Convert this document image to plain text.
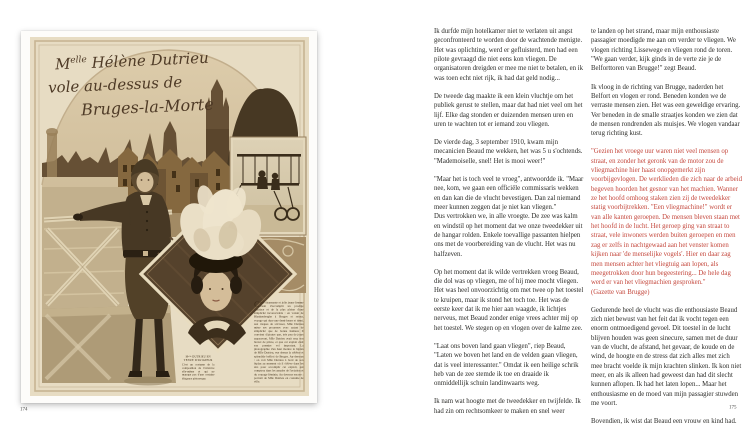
$M^{elle}$ Hélène Dutrieu
vole au-dessus de
Bruges-la-Morte
Cette charmante et jolie jeune femme vient d'accomplir un prodige d'audace et de la plus pleine d'une simplicité inconcevable : en volant de Blankenberghe à Bruges et retour, voyage qui dure une demi-heure et demi, aux risques de s'écraser, Mlle Dutrieu mène ses prouesses avec autant de simplicité que de bonne humeur. Il convient d'ajouter que, très peu de jours auparavant, Mlle Dutrieu avait reçu son brevet de pilote, et que cet exploit était son premier vol important. La photographie d'en haut montre le biplan de Mlle Dutrieu, vue dessus la célèbre et splendide beffroi de Bruges. Au-dessous : on voit Mlle Dutrieu à bord de son biplan au moment où il s'élève dans les airs pour accomplir cet exploit, qui comptera dans les annales de l'aviation et du courage féminin. Au dessous encore : portrait de Mlle Dutrieu en costume de ville.
Mᵉˡˡᵉ DUTRIEU EN
TENUE D'AVIATEUR
C'est un costume de la composition de l'aviatrice elle-même et qui ne manque pas d'une certaine élégance pittoresque.

Ik durfde mijn hotelkamer niet te verlaten uit angst geconfronteerd te worden door de wachtende menigte. Het was oplichting, werd er gefluisterd, men had een pilote gevraagd die niet eens kon vliegen. De organisatoren dreigden er mee me niet te betalen, en ik was toen echt niet rijk, ik had dat geld nodig...

De tweede dag maakte ik een klein vluchtje om het publiek gerust te stellen, maar dat had niet veel om het lijf. Elke dag stonden er duizenden mensen uren en uren te wachten tot er iemand zou vliegen.

De vierde dag, 3 september 1910, kwam mijn mecanicien Beaud me wekken, het was 5 u s'ochtends. "Mademoiselle, snel! Het is mooi weer!"

"Maar het is toch veel te vroeg", antwoordde ik. "Maar nee, kom, we gaan een officiële commissaris wekken en dan kan die de vlucht bevestigen. Dan zal niemand meer kunnen zeggen dat je niet kan vliegen."

Dus vertrokken we, in alle vroegte. De zee was kalm en windstil op het moment dat we onze tweedekker uit de hangar rolden. Enkele toevallige passanten hielpen ons met de voorbereiding van de vlucht. Het was nu halfzeven.

Op het moment dat ik wilde vertrekken vroeg Beaud, die dol was op vliegen, me of hij mee mocht vliegen. Het was heel onvoorzichtig om met twee op het toestel te kruipen, maar ik stond het toch toe. Het was de eerste keer dat ik me hier aan waagde, ik lichtjes nerveus, met Beaud zonder enige vrees achter mij op het toestel. We stegen op en vlogen over de kalme zee.

"Laat ons boven land gaan vliegen", riep Beaud, "Laten we boven het land en de velden gaan vliegen, dat is veel interessanter." Omdat ik een heilige schrik heb van de zee stemde ik toe en draaide ik onmiddellijk schuin landinwaarts weg.

Ik nam wat hoogte met de tweedekker en twijfelde. Ik had zin om rechtsomkeer te maken en snel weer

te landen op het strand, maar mijn enthousiaste passagier moedigde me aan om verder te vliegen. We vlogen richting Lissewege en vliegen rond de toren. "We gaan verder, kijk ginds in de verte zie je de Belforttoren van Brugge!" zegt Beaud.

Ik vloog in de richting van Brugge, naderden het Belfort en vlogen er rond. Beneden konden we de verraste mensen zien. Het was een geweldige ervaring. Ver beneden in de smalle straatjes konden we zien dat de mensen rondrenden als muisjes. We vlogen vandaar terug richting kust.

"Gezien het vroege uur waren niet veel mensen op straat, en zonder het geronk van de motor zou de vliegmachine hier haast onopgemerkt zijn voorbijgevlogen. De werklieden die zich naar de arbeid begeven hoorden het gesnor van het machien. Wanner ze het hoofd omhoog staken zien zij de tweedekker statig voorbijtrekken. "Een vliegmachine!" wordt er van alle kanten geroepen. De mensen bleven staan met het hoofd in de lucht. Het geroep ging van straat to straat, vele inwoners werden buiten geroepen en men zag er zelfs in nachtgewaad aan het venster komen kijken naar 'de menselijke vogels'. Hier en daar zag men mensen achter het vliegtuig aan lopen, als meegetrokken door hun begeestering... De hele dag werd er van het vliegmachien gesproken."

(Gazette van Brugge)

Gedurende heel de vlucht was die enthousiaste Beaud zich niet bewust van het feit dat ik vocht tegen een enorm ontmoedigend gevoel. Dit toestel in de lucht blijven houden was geen sinecure, samen met de duur van de vlucht, de afstand, het gevaar, de koude en de wind, de hoogte en de stress dat zich alles met zich mee bracht voelde ik mijn krachten slinken. Ik kon niet meer, en als ik alleen had geweest dan had dit slecht kunnen aflopen. Ik had het laten lopen... Maar het enthousiasme en de moed van mijn passagier stuwden me voort.

Bovendien, ik wist dat Beaud een vrouw en kind had.

174	175
